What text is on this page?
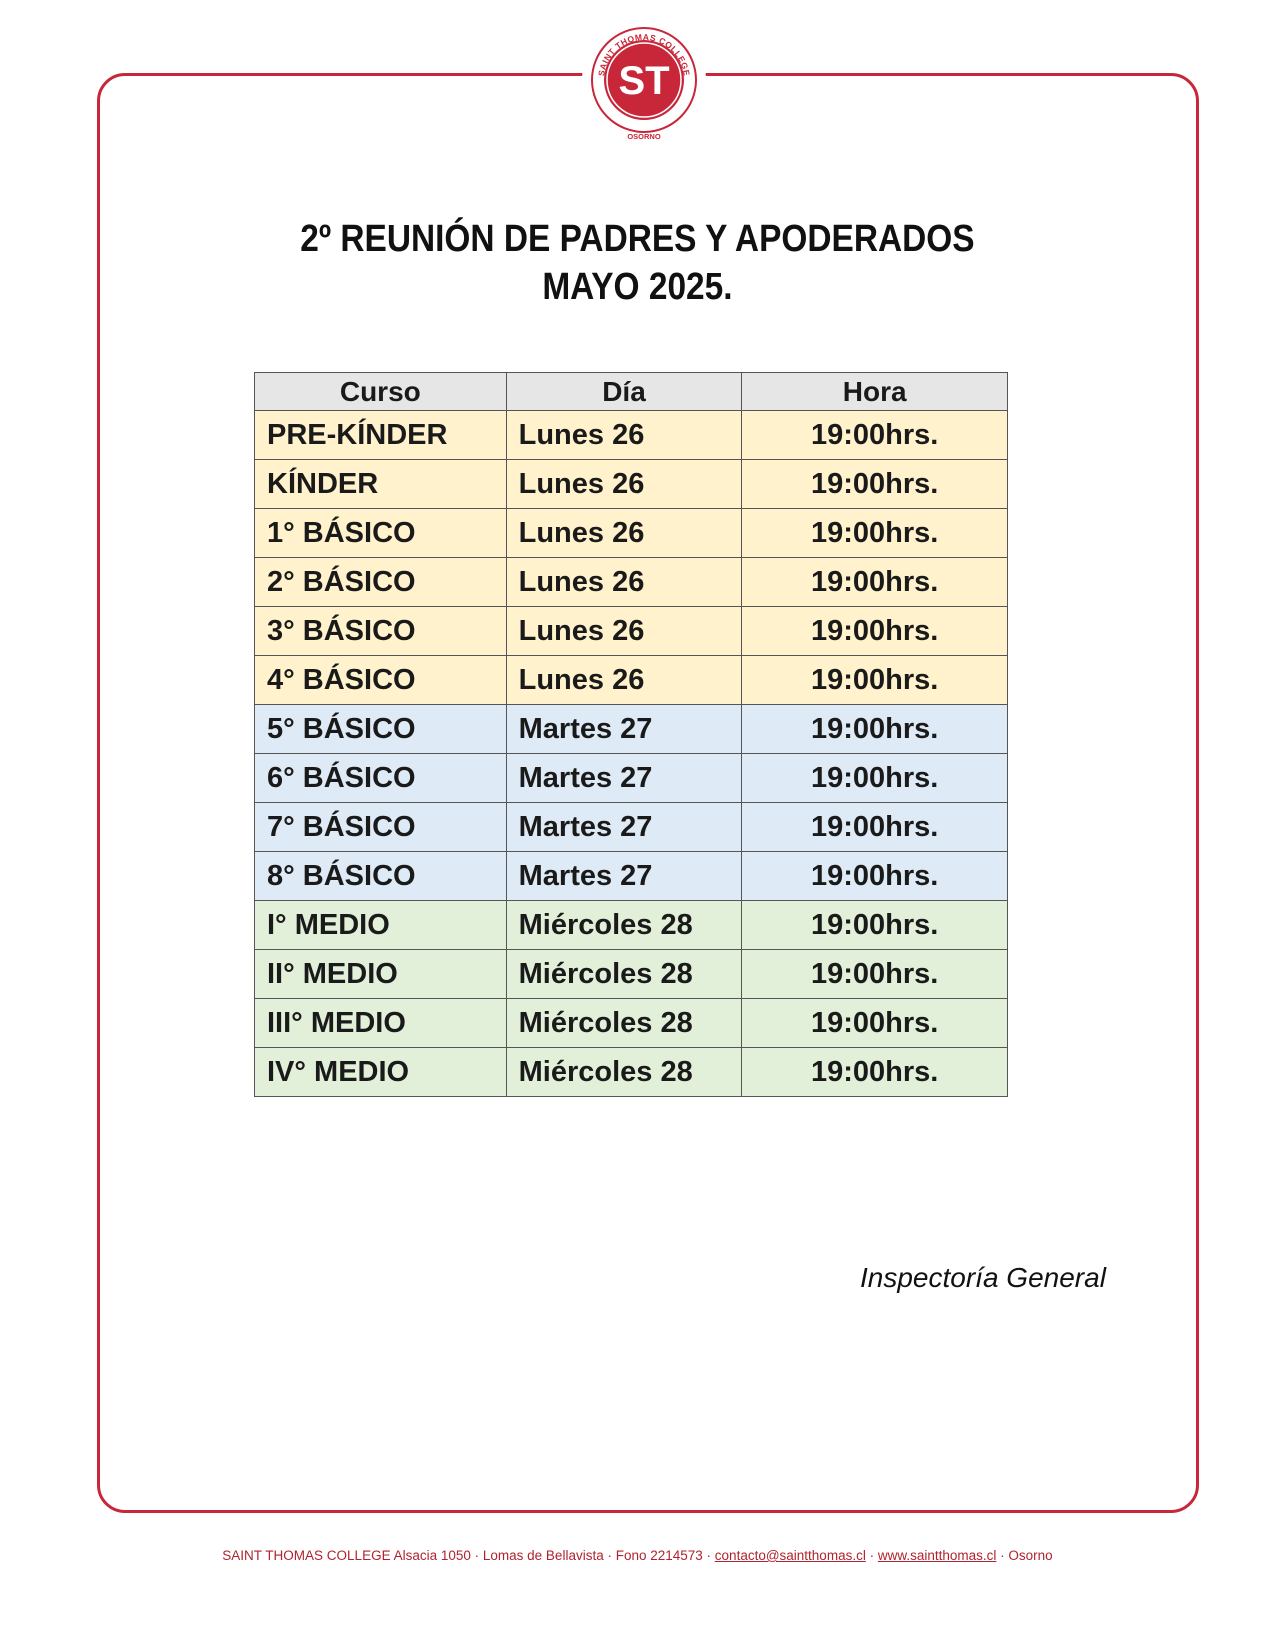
ST
SAINT THOMAS COLLEGE
OSORNO
2º REUNIÓN DE PADRES Y APODERADOS
MAYO 2025.
Curso	Día	Hora
PRE-KÍNDER	Lunes 26	19:00hrs.
KÍNDER	Lunes 26	19:00hrs.
1° BÁSICO	Lunes 26	19:00hrs.
2° BÁSICO	Lunes 26	19:00hrs.
3° BÁSICO	Lunes 26	19:00hrs.
4° BÁSICO	Lunes 26	19:00hrs.
5° BÁSICO	Martes 27	19:00hrs.
6° BÁSICO	Martes 27	19:00hrs.
7° BÁSICO	Martes 27	19:00hrs.
8° BÁSICO	Martes 27	19:00hrs.
I° MEDIO	Miércoles 28	19:00hrs.
II° MEDIO	Miércoles 28	19:00hrs.
III° MEDIO	Miércoles 28	19:00hrs.
IV° MEDIO	Miércoles 28	19:00hrs.
Inspectoría General
SAINT THOMAS COLLEGE Alsacia 1050 · Lomas de Bellavista · Fono 2214573 · contacto@saintthomas.cl · www.saintthomas.cl · Osorno
